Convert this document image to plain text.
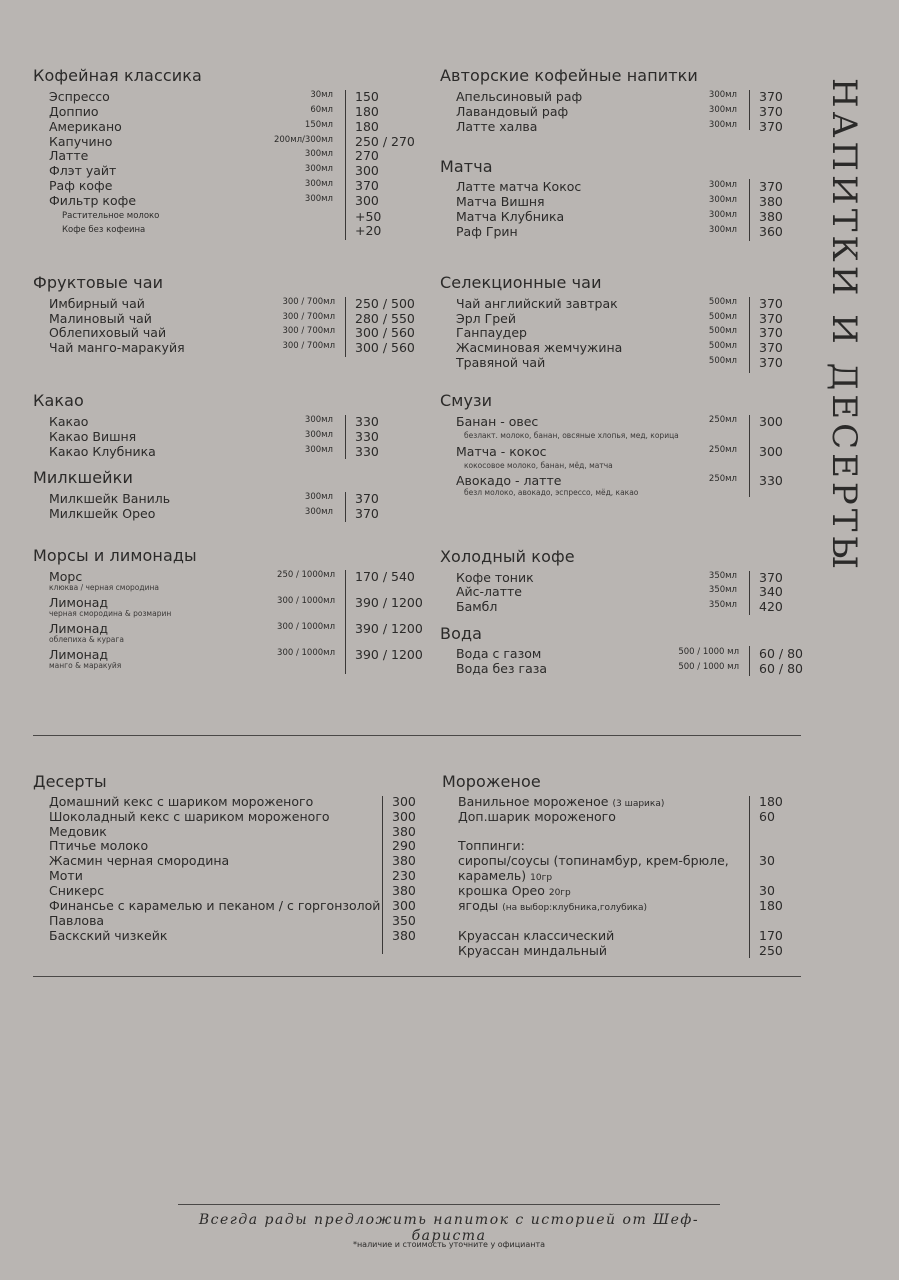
НАПИТКИ И ДЕСЕРТЫ
Кофейная классика
Эспрессо	30мл 150
Доппио	60мл 180
Американо	150мл 180
Капучино	200мл/300мл 250 / 270
Латте	300мл 270
Флэт уайт	300мл 300
Раф кофе	300мл 370
Фильтр кофе	300мл 300
Растительное молоко	+50
Кофе без кофеина	+20
Авторские кофейные напитки
Апельсиновый раф	300мл 370
Лавандовый раф	300мл 370
Латте халва	300мл 370
Матча
Латте матча Кокос	300мл 370
Матча Вишня	300мл 380
Матча Клубника	300мл 380
Раф Грин	300мл 360
Фруктовые чаи
Имбирный чай	300 / 700мл 250 / 500
Малиновый чай	300 / 700мл 280 / 550
Облепиховый чай	300 / 700мл 300 / 560
Чай манго-маракуйя	300 / 700мл 300 / 560
Селекционные чаи
Чай английский завтрак	500мл 370
Эрл Грей	500мл 370
Ганпаудер	500мл 370
Жасминовая жемчужина	500мл 370
Травяной чай	500мл 370
Какао
Какао	300мл 330
Какао Вишня	300мл 330
Какао Клубника	300мл 330
Милкшейки
Милкшейк Ваниль	300мл 370
Милкшейк Орео	300мл 370
Смузи
Банан - овес	250мл 300
безлакт. молоко, банан, овсяные хлопья, мед, корица
Матча - кокос	250мл 300
кокосовое молоко, банан, мёд, матча
Авокадо - латте	250мл 330
безл молоко, авокадо, эспрессо, мёд, какао
Морсы и лимонады
Морс	250 / 1000мл 170 / 540
клюква / черная смородина
Лимонад	300 / 1000мл 390 / 1200
черная смородина & розмарин
Лимонад	300 / 1000мл 390 / 1200
облепиха & курага
Лимонад	300 / 1000мл 390 / 1200
манго & маракуйя
Холодный кофе
Кофе тоник	350мл 370
Айс-латте	350мл 340
Бамбл	350мл 420
Вода
Вода с газом	500 / 1000 мл 60 / 80
Вода без газа	500 / 1000 мл 60 / 80
Десерты
Домашний кекс с шариком мороженого	300
Шоколадный кекс с шариком мороженого	300
Медовик	380
Птичье молоко	290
Жасмин черная смородина	380
Моти	230
Сникерс	380
Финансье с карамелью и пеканом / с горгонзолой 300
Павлова	350
Баскский чизкейк	380
Мороженое
Ванильное мороженое (3 шарика)	180
Доп.шарик мороженого	60
Топпинги:
сиропы/соусы (топинамбур, крем-брюле, 30
карамель) 10гр
крошка Орео 20гр	30
ягоды (на выбор:клубника,голубика)	180
Круассан классический	170
Круассан миндальный	250
Всегда рады предложить напиток с историей от Шеф-бариста
*наличие и стоимость уточните у официанта
